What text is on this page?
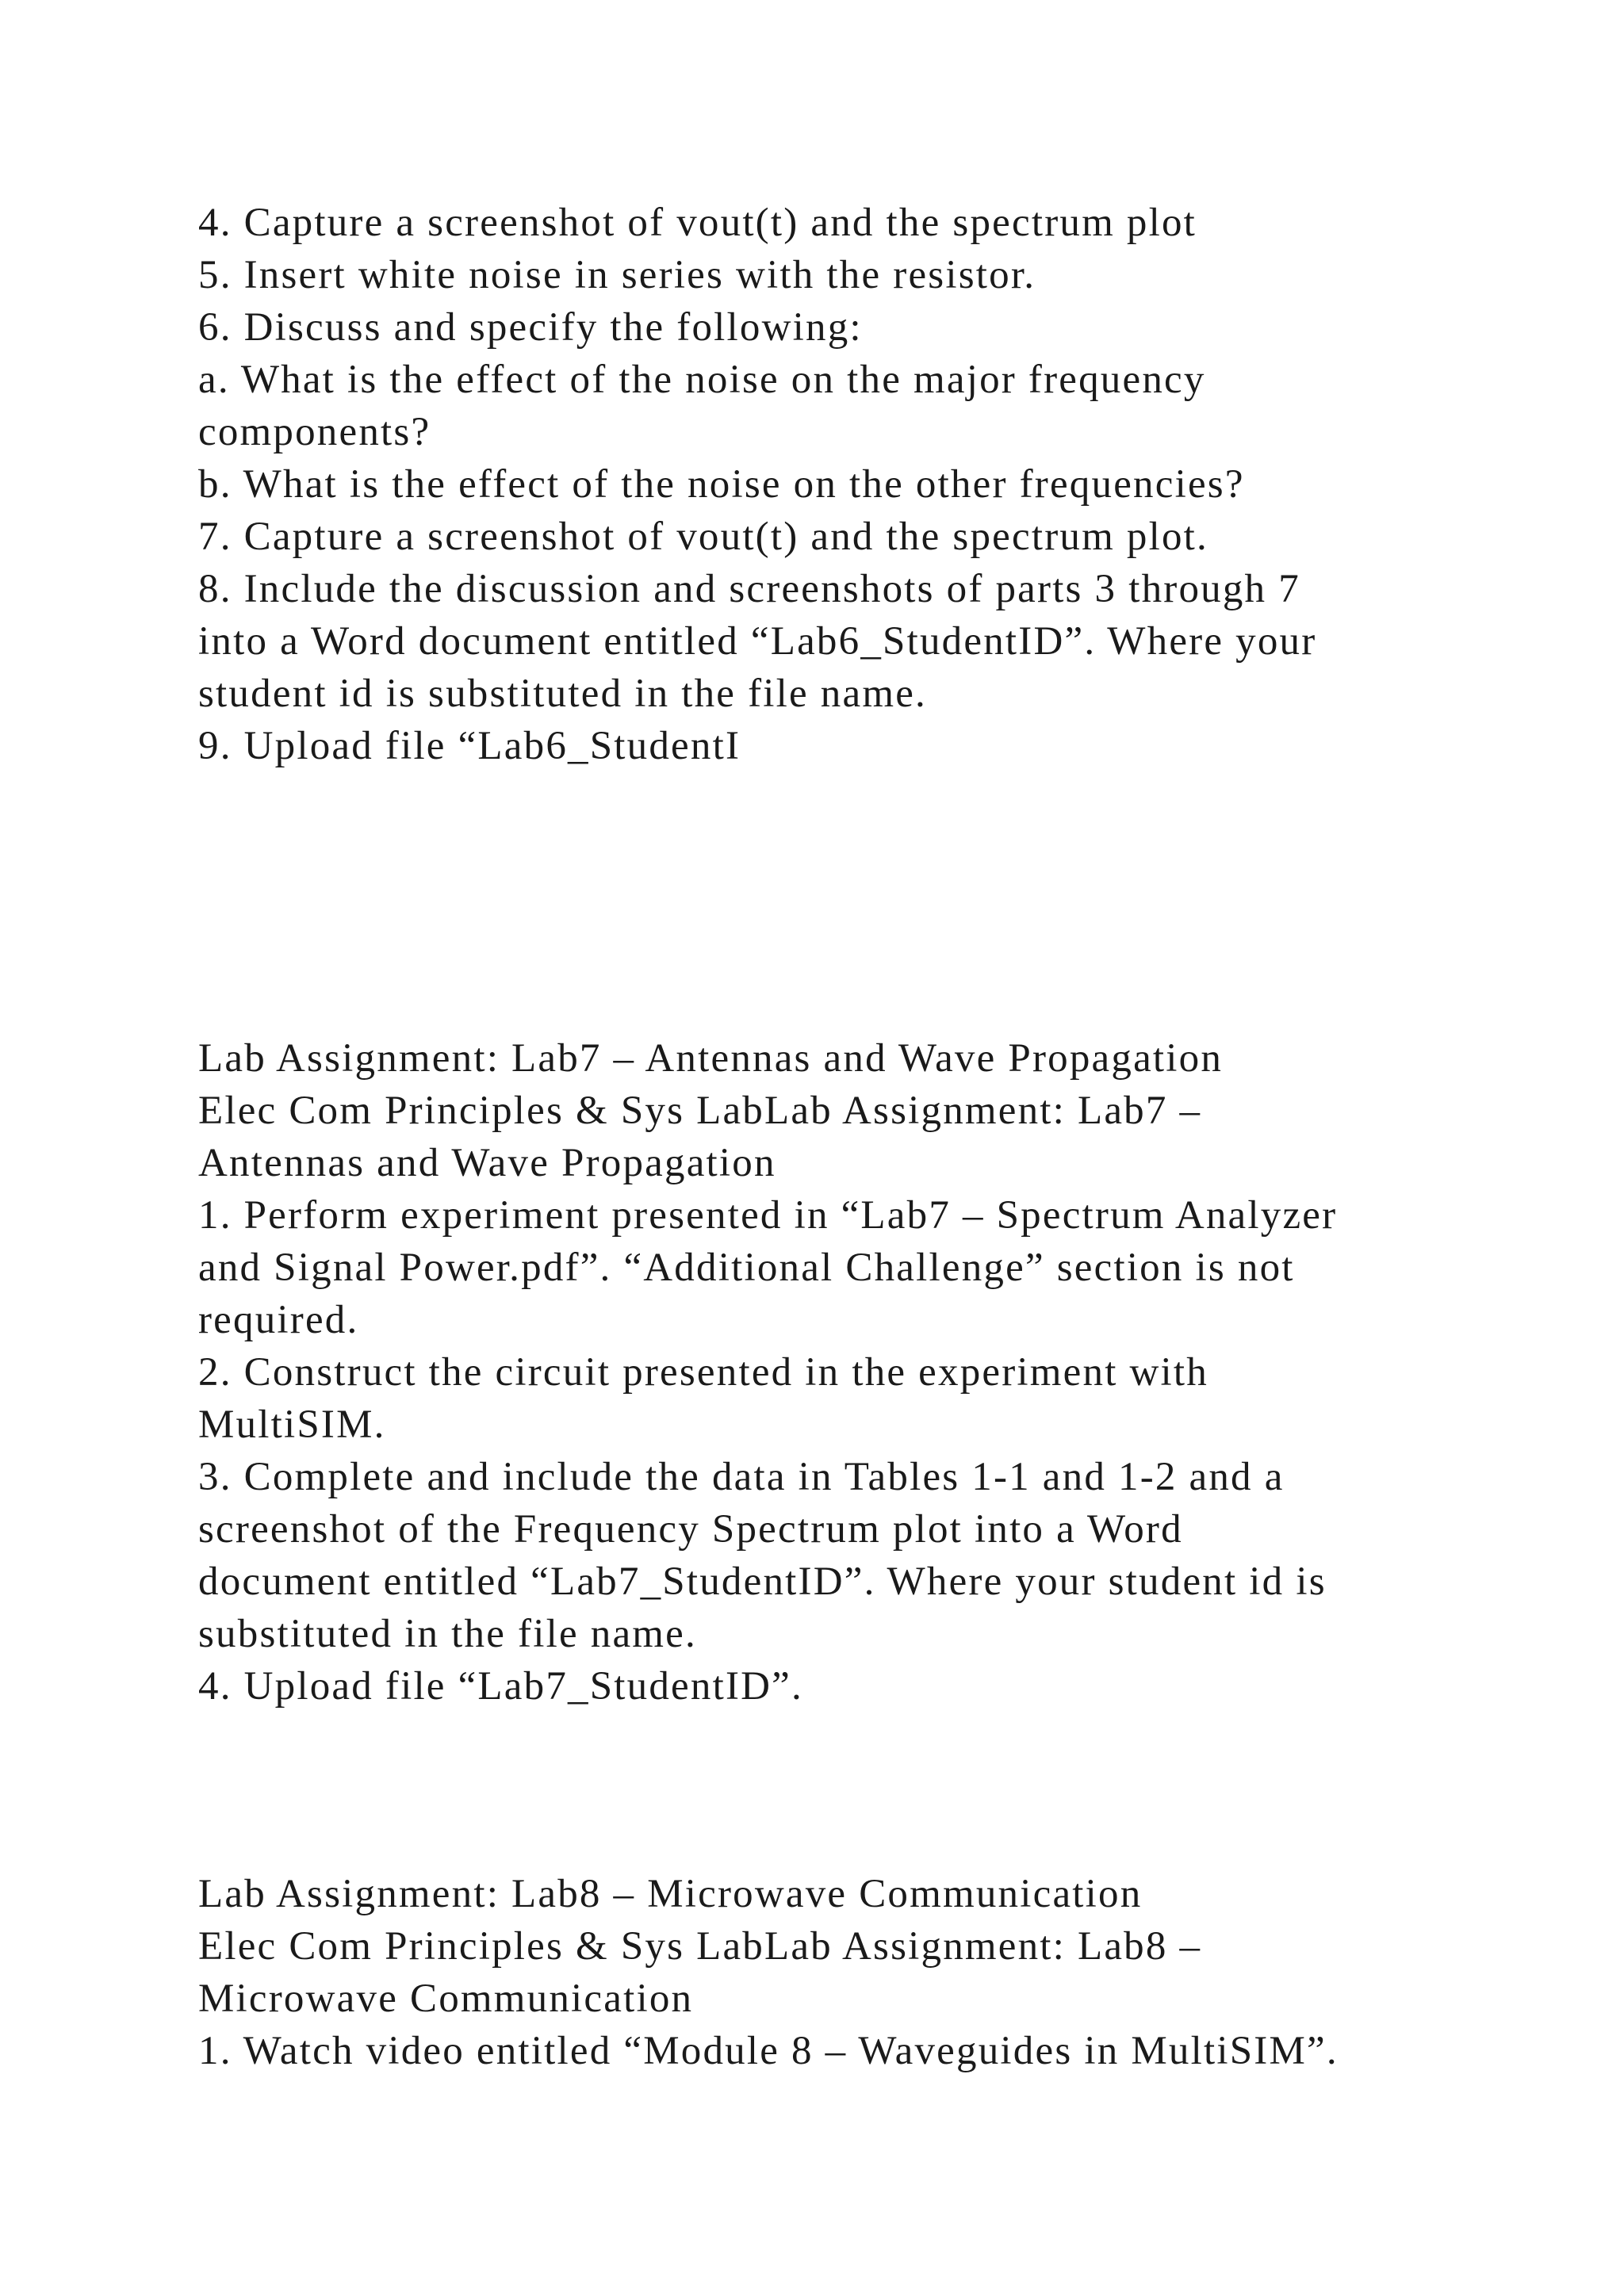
4. Capture a screenshot of vout(t) and the spectrum plot

5. Insert white noise in series with the resistor.

6. Discuss and specify the following:

a. What is the effect of the noise on the major frequency

components?

b. What is the effect of the noise on the other frequencies?

7. Capture a screenshot of vout(t) and the spectrum plot.

8. Include the discussion and screenshots of parts 3 through 7

into a Word document entitled “Lab6_StudentID”. Where your

student id is substituted in the file name.

9. Upload file “Lab6_StudentI

Lab Assignment: Lab7 – Antennas and Wave Propagation

Elec Com Principles & Sys LabLab Assignment: Lab7 –

Antennas and Wave Propagation

1. Perform experiment presented in “Lab7 – Spectrum Analyzer

and Signal Power.pdf”. “Additional Challenge” section is not

required.

2. Construct the circuit presented in the experiment with

MultiSIM.

3. Complete and include the data in Tables 1-1 and 1-2 and a

screenshot of the Frequency Spectrum plot into a Word

document entitled “Lab7_StudentID”. Where your student id is

substituted in the file name.

4. Upload file “Lab7_StudentID”.

Lab Assignment: Lab8 – Microwave Communication

Elec Com Principles & Sys LabLab Assignment: Lab8 –

Microwave Communication

1. Watch video entitled “Module 8 – Waveguides in MultiSIM”.
